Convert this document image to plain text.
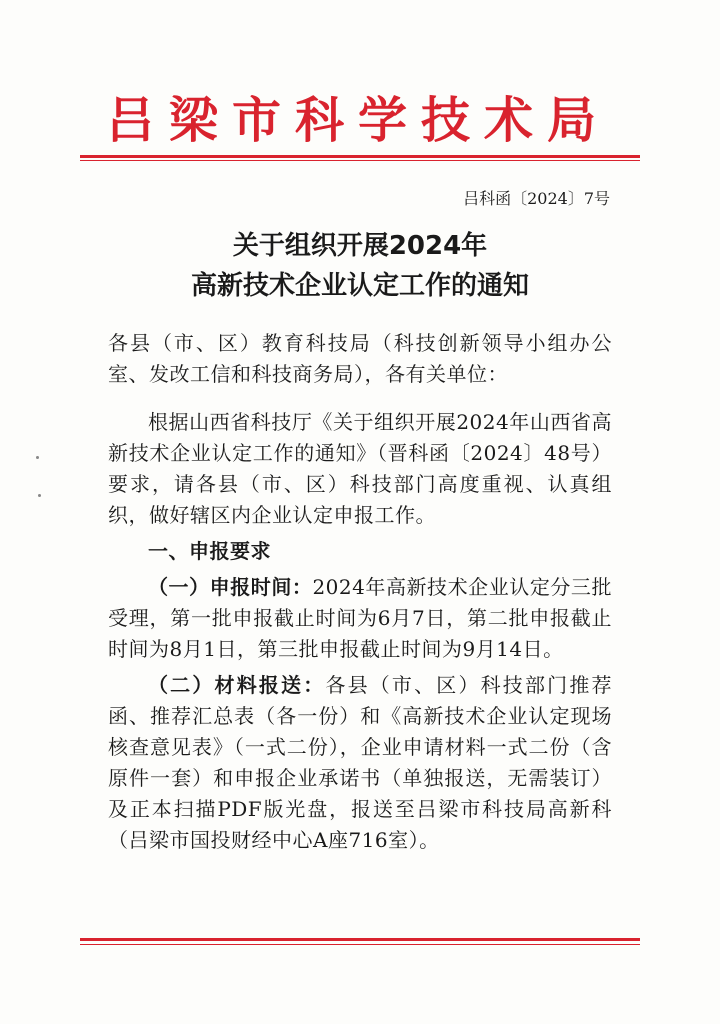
吕梁市科学技术局
吕科函〔2024〕7号
关于组织开展2024年
高新技术企业认定工作的通知

各县（市、区）教育科技局（科技创新领导小组办公室、发改工信和科技商务局），各有关单位：

根据山西省科技厅《关于组织开展2024年山西省高新技术企业认定工作的通知》（晋科函〔2024〕48号）要求，请各县（市、区）科技部门高度重视、认真组织，做好辖区内企业认定申报工作。

一、申报要求

（一）申报时间：2024年高新技术企业认定分三批受理，第一批申报截止时间为6月7日，第二批申报截止时间为8月1日，第三批申报截止时间为9月14日。

（二）材料报送：各县（市、区）科技部门推荐函、推荐汇总表（各一份）和《高新技术企业认定现场核查意见表》（一式二份），企业申请材料一式二份（含原件一套）和申报企业承诺书（单独报送，无需装订）及正本扫描PDF版光盘，报送至吕梁市科技局高新科（吕梁市国投财经中心A座716室）。
